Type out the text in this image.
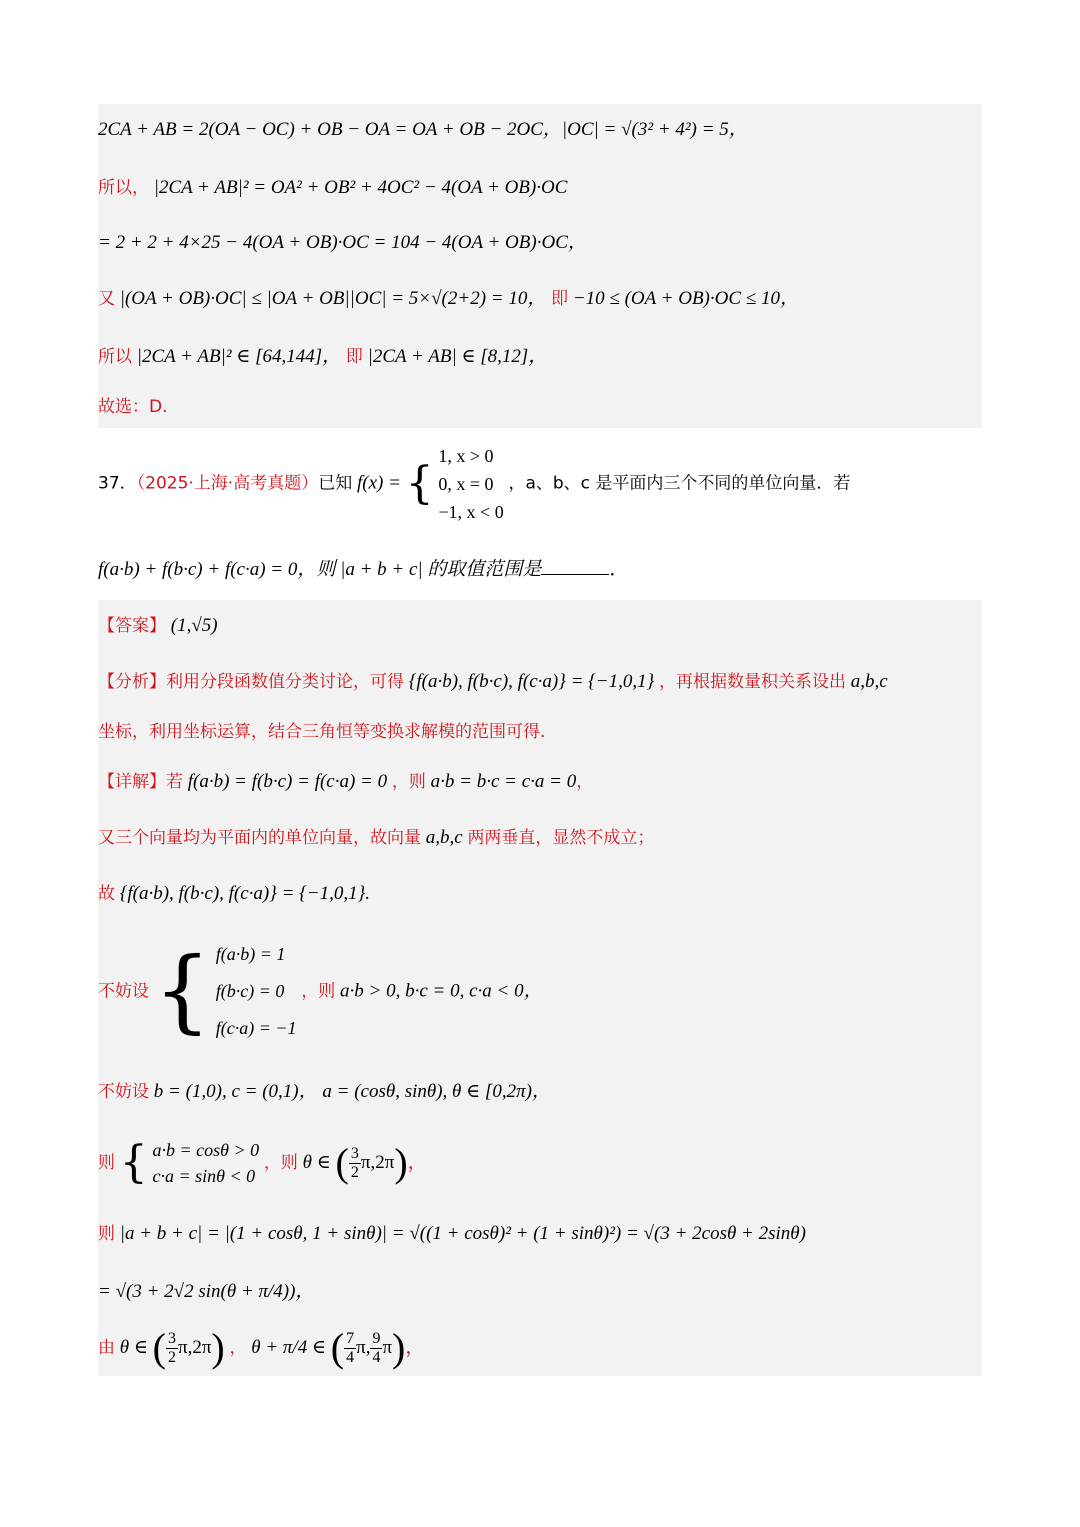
2CA + AB = 2(OA − OC) + OB − OA = OA + OB − 2OC，|OC| = √(3² + 4²) = 5，
所以， |2CA + AB|² = OA² + OB² + 4OC² − 4(OA + OB)·OC
= 2 + 2 + 4×25 − 4(OA + OB)·OC = 104 − 4(OA + OB)·OC，
又 |(OA + OB)·OC| ≤ |OA + OB||OC| = 5×√(2+2) = 10， 即 −10 ≤ (OA + OB)·OC ≤ 10，
所以 |2CA + AB|² ∈ [64,144]， 即 |2CA + AB| ∈ [8,12]，
故选：D.
37．（2025·上海·高考真题）已知 f(x) = {
1, x > 0
0, x = 0
−1, x < 0
，a、b、c 是平面内三个不同的单位向量．若
f(a·b) + f(b·c) + f(c·a) = 0，则 |a + b + c| 的取值范围是	．
【答案】 (1,√5)
【分析】利用分段函数值分类讨论，可得 {f(a·b), f(b·c), f(c·a)} = {−1,0,1} ，再根据数量积关系设出 a,b,c
坐标，利用坐标运算，结合三角恒等变换求解模的范围可得.
【详解】若 f(a·b) = f(b·c) = f(c·a) = 0 ，则 a·b = b·c = c·a = 0，
又三个向量均为平面内的单位向量，故向量 a,b,c 两两垂直，显然不成立；
故 {f(a·b), f(b·c), f(c·a)} = {−1,0,1}.
不妨设 { f(a·b) = 1
f(b·c) = 0
f(c·a) = −1
，则 a·b > 0, b·c = 0, c·a < 0，
不妨设 b = (1,0), c = (0,1)， a = (cosθ, sinθ), θ ∈ [0,2π)，
则 { a·b = cosθ > 0
c·a = sinθ < 0
，则 θ ∈ ( $\frac{3}{2} \pi,2\pi$)，
则 |a + b + c| = |(1 + cosθ, 1 + sinθ)| = √((1 + cosθ)² + (1 + sinθ)²) = √(3 + 2cosθ + 2sinθ)
= √(3 + 2√2 sin(θ + π/4))，
由 θ ∈ ( $\frac{3}{2} \pi,2\pi$) ， θ + π/4 ∈ ( $\frac{7}{4} \pi$, $\frac{9}{4} \pi$)，
